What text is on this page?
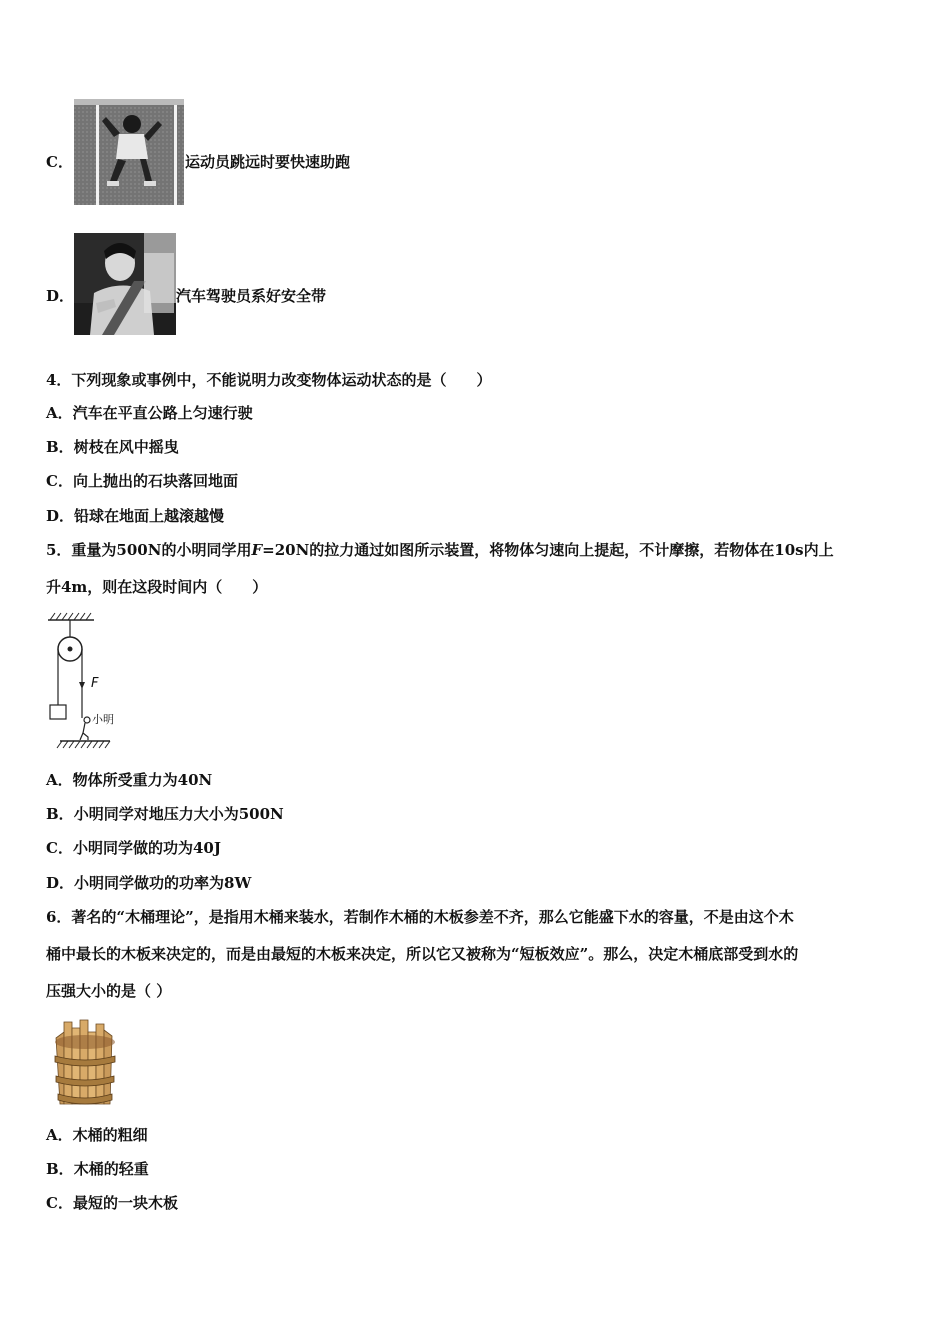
C．	运动员跳远时要快速助跑
D．	汽车驾驶员系好安全带
4．下列现象或事例中，不能说明力改变物体运动状态的是（　　）
A．汽车在平直公路上匀速行驶
B．树枝在风中摇曳
C．向上抛出的石块落回地面
D．铅球在地面上越滚越慢
5．重量为500N的小明同学用F=20N的拉力通过如图所示装置，将物体匀速向上提起，不计摩擦，若物体在10s内上
升4m，则在这段时间内（　　）
F
小明
A．物体所受重力为40N
B．小明同学对地压力大小为500N
C．小明同学做的功为40J
D．小明同学做功的功率为8W
6．著名的“木桶理论”，是指用木桶来装水，若制作木桶的木板参差不齐，那么它能盛下水的容量，不是由这个木
桶中最长的木板来决定的，而是由最短的木板来决定，所以它又被称为“短板效应”。那么，决定木桶底部受到水的
压强大小的是（ ）
A．木桶的粗细
B．木桶的轻重
C．最短的一块木板
